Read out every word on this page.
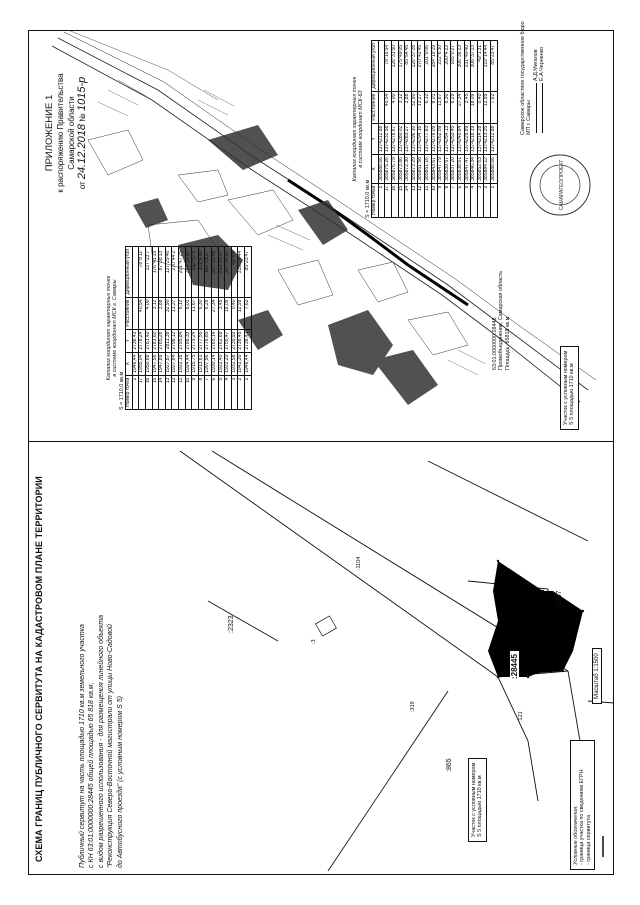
ПРИЛОЖЕНИЕ 1 к распоряжению Правительства Самарской области
от 24.12.2018 № 1015-р	Каталог координат характерных точек в системе координат МСК-63
S = 1710,0 кв.м
Номер точки	X	Y	Расстояние	Дирекционный угол
1	385888.66	1374212.88		
17	385875.26	1374232.58	40,54	78°16'54"
16	385876.79	1374276.67	4,00	126°31'50"
15	385873.86	1374280.02	3,12	175°49'05"
14	385872.30	1374283.27	3,88	85°54'45"
13	385873.29	1374296.10	32,90	126°37'28"
12	385851.58	1374294.16	13,27	270°42'45"
11	385851.16	1374277.83	6,12	201°0'06"
10	385843.67	1374276.09	8,01	284°19'19"
9	385847.79	1374262.09	11,67	222°6'30"
8	385839.57	1374254.13	6,30	200°4'23"
7	385837.20	1374253.45	6,29	185°0'27"
6	385838.61	1374240.84	27,34	306°36'23"
5	385847.47	1374229.89	3,45	231°40'40"
4	385846.34	1374218.19	18,09	306°37'13"
3	385852.63	1374214.28	0,40	49°1'31"
2	385884.12	1374213.35	12,99	319°14'44"
1	385888.66	1374212.88	7,62	85°23'47"
Каталог координат характерных точек в системе координат МСК г. Самары
S = 1710,0 кв.м
Номер точки	X	Y	Расстояние	Дирекционный угол
1	1946,44	2738,43		
17	1955,04	2778,24	40,54	78°8'11"
16	1950,66	2781,42	4,00	127°23'7"
15	1947,56	2781,60	3,12	176°41'15"
14	1947,89	2785,28	3,88	87°38'13"
13	1927,87	2811,39	32,90	127°29'46"
12	1927,84	2798,12	13,27	270°44'2"
11	1922,16	2795,84	6,12	201°47'25"
10	1924,44	2788,33	8,01	284°59'54"
9	1915,75	2779,24	11,67	222°57'8"
8	1913,61	2777,55	6,30	201°4'40"
7	1907,96	2776,85	6,29	185°51'27"
6	1930,14	2765,14	27,34	307°29'49"
5	1922,40	2762,69	3,45	232°31'57"
4	1922,20	2755,47	18,09	307°28'31"
3	1932,58	2739,93	0,40	49°6'8"
2	1942,30	2738,45	12,99	319°14'44"
1	1946,44	2738,43	7,62	85°23'47"
63:01:0000000:28445 Промобъединение, Самарская область Площадь: 65818 кв.м
Участок с условным номером S 5 площадью 1710 кв.м
Самарское областное государственное бюро МП г. Самары
А.Д.Мигалов Е.А.Черненко
САМАРАГЕОПРОЕКТ
СХЕМА ГРАНИЦ ПУБЛИЧНОГО СЕРВИТУТА НА КАДАСТРОВОМ ПЛАНЕ ТЕРРИТОРИИ	Публичный сервитут на часть площадью 1710 кв.м земельного участка с КН 63:01:0000000:28445 общей площадью 65 818 кв.м, с видом разрешенного использования - для размещения линейного объекта "Реконструкция Северо-Восточной магистрали от улицы Ново-Садовой до Автобусного проезда" (с условным номером S 5)
:28445
:2323
:2287
:865
:319
:1104
:121
:3
Масштаб 1:1500
Участок с условным номером S 5 площадью 1710 кв.м	Условные обозначения: - граница участка по сведениям ЕГРН - граница сервитута
